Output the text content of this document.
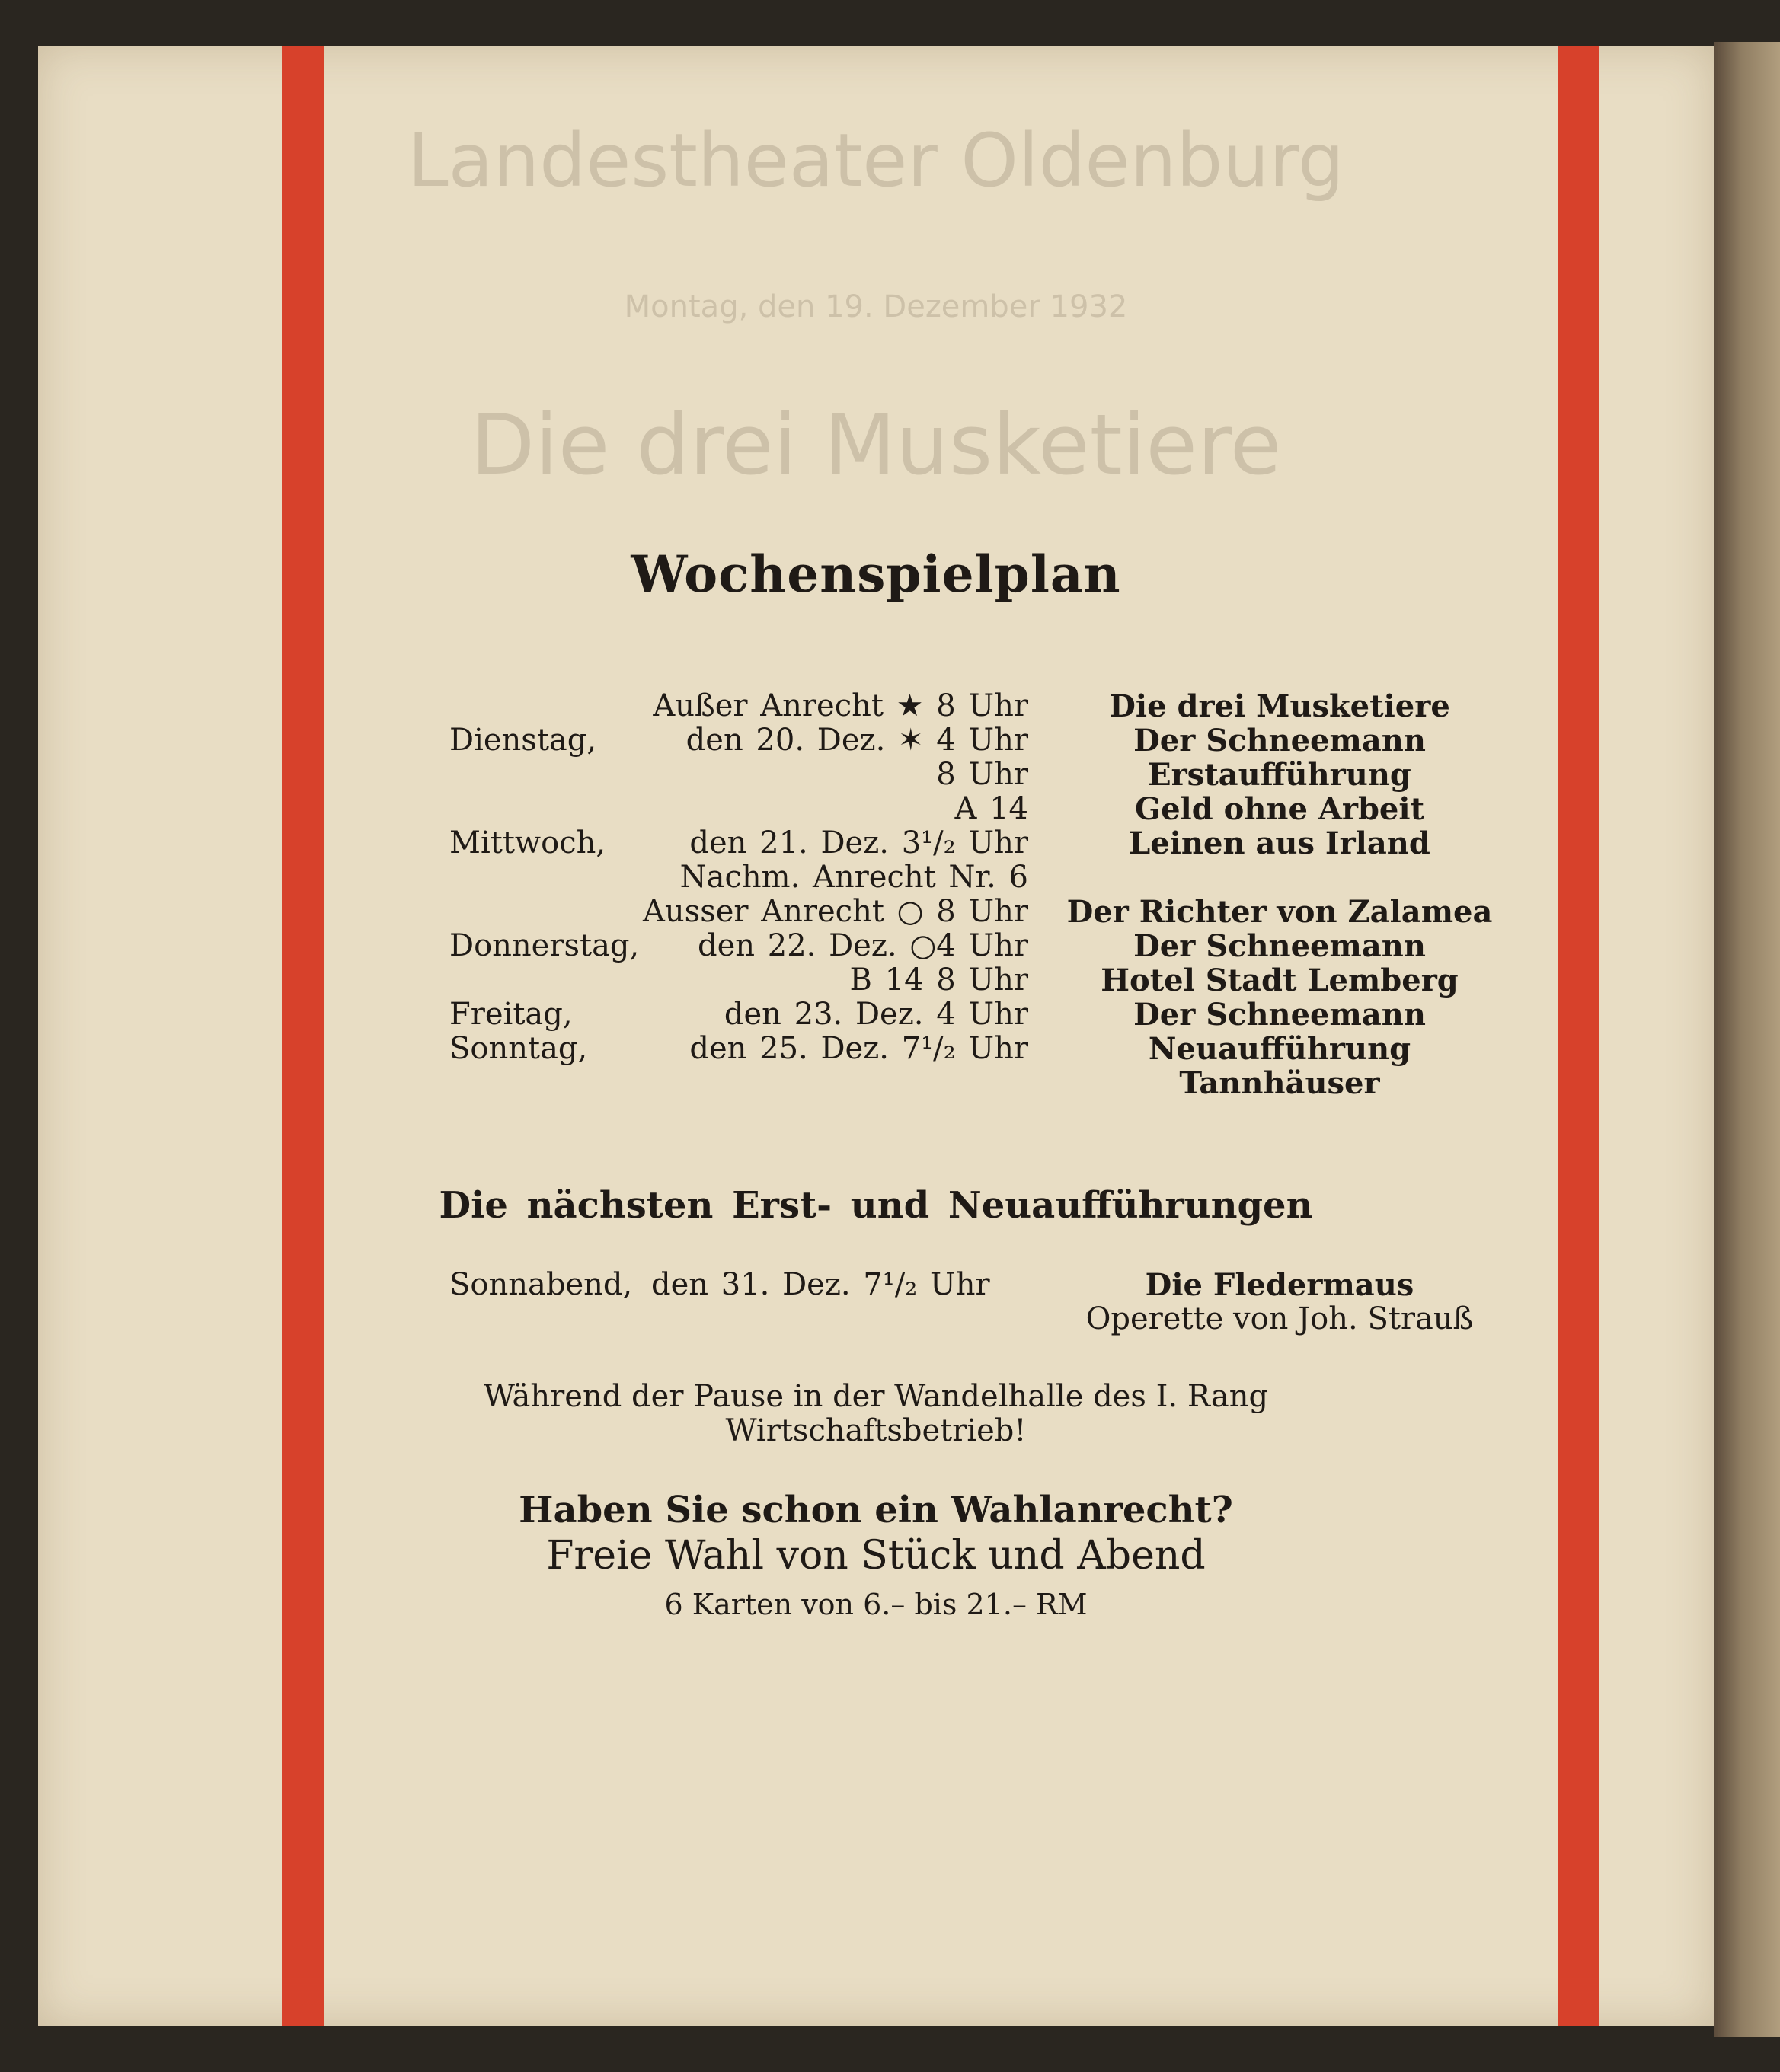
Landestheater Oldenburg
Montag, den 19. Dezember 1932
Die drei Musketiere
Wochenspielplan
Außer Anrecht ★ 8 Uhr	Die drei Musketiere
Dienstag,	den 20. Dez. ✶ 4 Uhr	Der Schneemann
8 Uhr	Erstaufführung
A 14	Geld ohne Arbeit
Mittwoch,	den 21. Dez. 3¹/₂ Uhr	Leinen aus Irland
Nachm. Anrecht Nr. 6
Ausser Anrecht ○ 8 Uhr	Der Richter von Zalamea
Donnerstag,	den 22. Dez. ○4 Uhr	Der Schneemann
B 14 8 Uhr	Hotel Stadt Lemberg
Freitag,	den 23. Dez. 4 Uhr	Der Schneemann
Sonntag,	den 25. Dez. 7¹/₂ Uhr	Neuaufführung
Tannhäuser
Die nächsten Erst- und Neuaufführungen
Sonnabend, den 31. Dez. 7¹/₂ Uhr	Die Fledermaus
Operette von Joh. Strauß
Während der Pause in der Wandelhalle des I. Rang
Wirtschaftsbetrieb!
Haben Sie schon ein Wahlanrecht?
Freie Wahl von Stück und Abend
6 Karten von 6.– bis 21.– RM
